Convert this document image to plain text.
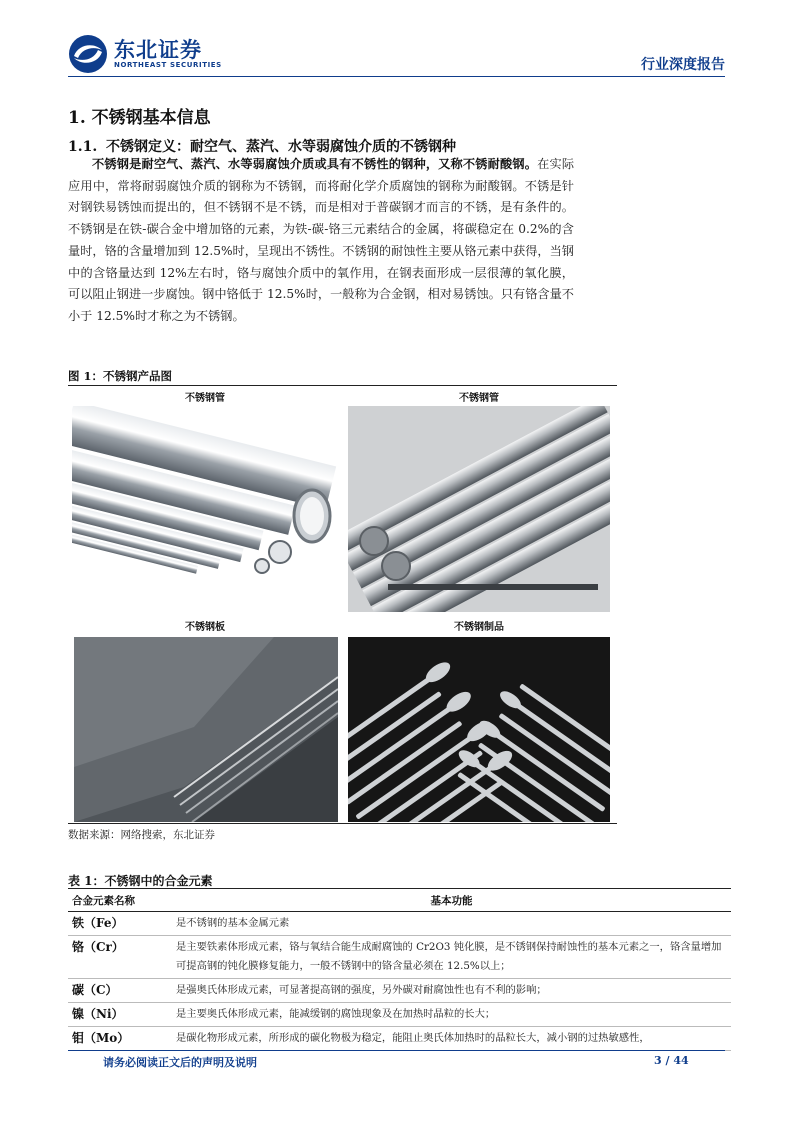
东北证券
NORTHEAST SECURITIES	行业深度报告
1. 不锈钢基本信息
1.1. 不锈钢定义：耐空气、蒸汽、水等弱腐蚀介质的不锈钢种
不锈钢是耐空气、蒸汽、水等弱腐蚀介质或具有不锈性的钢种，又称不锈耐酸钢。在实际应用中，常将耐弱腐蚀介质的钢称为不锈钢，而将耐化学介质腐蚀的钢称为耐酸钢。不锈是针对钢铁易锈蚀而提出的，但不锈钢不是不锈，而是相对于普碳钢才而言的不锈，是有条件的。不锈钢是在铁-碳合金中增加铬的元素，为铁-碳-铬三元素结合的金属，将碳稳定在 0.2%的含量时，铬的含量增加到 12.5%时，呈现出不锈性。不锈钢的耐蚀性主要从铬元素中获得，当钢中的含铬量达到 12%左右时，铬与腐蚀介质中的氧作用，在钢表面形成一层很薄的氧化膜，可以阻止钢进一步腐蚀。钢中铬低于 12.5%时，一般称为合金钢，相对易锈蚀。只有铬含量不小于 12.5%时才称之为不锈钢。
图 1：不锈钢产品图
不锈钢管	不锈钢管
不锈钢板	不锈钢制品
数据来源：网络搜索，东北证券
表 1：不锈钢中的合金元素
合金元素名称	基本功能
铁（Fe）	是不锈钢的基本金属元素
铬（Cr）	是主要铁素体形成元素，铬与氧结合能生成耐腐蚀的 Cr2O3 钝化膜，是不锈钢保持耐蚀性的基本元素之一，铬含量增加可提高钢的钝化膜修复能力，一般不锈钢中的铬含量必须在 12.5%以上；
碳（C）	是强奥氏体形成元素，可显著提高钢的强度，另外碳对耐腐蚀性也有不利的影响；
镍（Ni）	是主要奥氏体形成元素，能减缓钢的腐蚀现象及在加热时晶粒的长大；
钼（Mo）	是碳化物形成元素，所形成的碳化物极为稳定，能阻止奥氏体加热时的晶粒长大，减小钢的过热敏感性，
请务必阅读正文后的声明及说明	3 / 44
